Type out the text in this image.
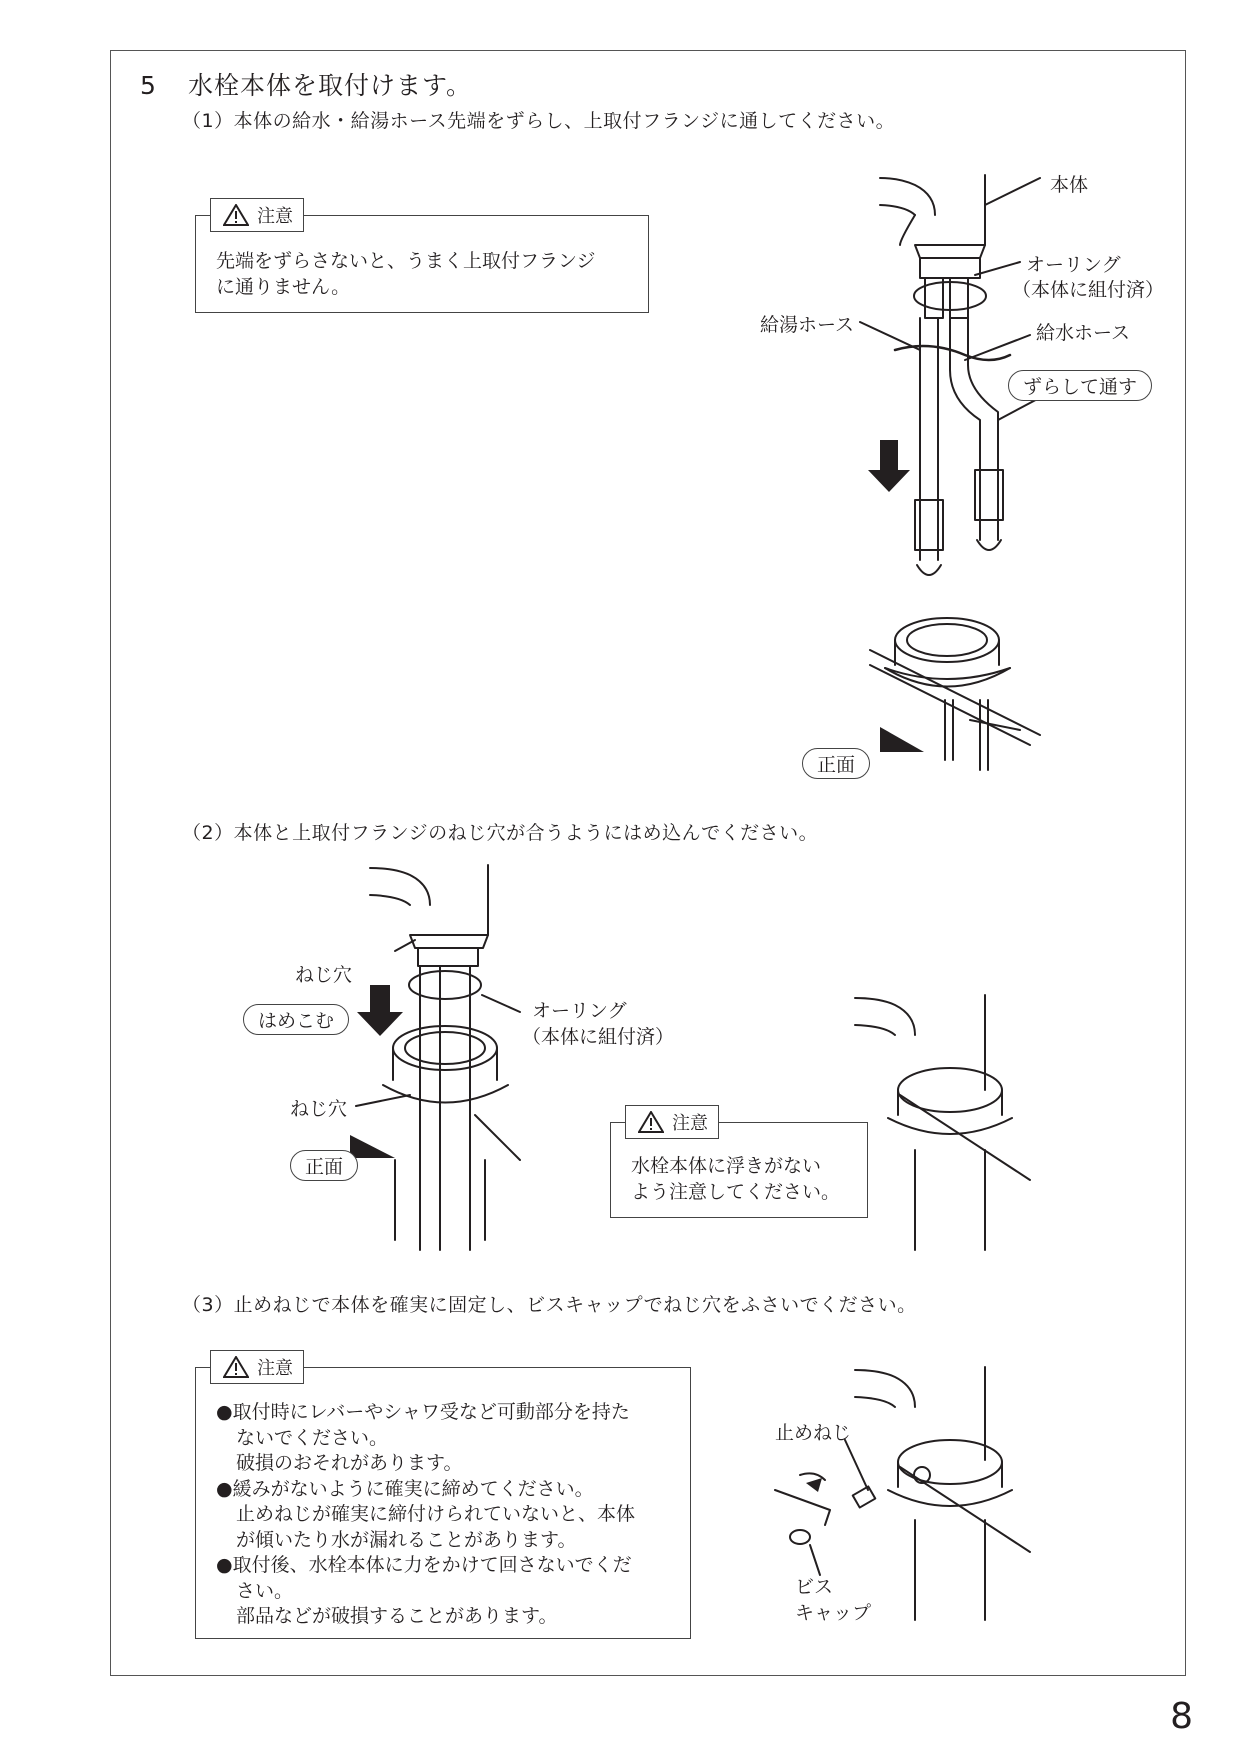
5 水栓本体を取付けます。
（1）本体の給水・給湯ホース先端をずらし、上取付フランジに通してください。
（2）本体と上取付フランジのねじ穴が合うようにはめ込んでください。
（3）止めねじで本体を確実に固定し、ビスキャップでねじ穴をふさいでください。
注意
先端をずらさないと、うまく上取付フランジ
に通りません。
注意
水栓本体に浮きがない
よう注意してください。
注意
●取付時にレバーやシャワ受など可動部分を持た
ないでください。
破損のおそれがあります。
●緩みがないように確実に締めてください。
止めねじが確実に締付けられていないと、本体
が傾いたり水が漏れることがあります。
●取付後、水栓本体に力をかけて回さないでくだ
さい。
部品などが破損することがあります。
本体
オーリング
（本体に組付済）
給湯ホース	給水ホース
ずらして通す
正面
ねじ穴
はめこむ	オーリング
（本体に組付済）
ねじ穴
正面
止めねじ
ビス
キャップ
8
